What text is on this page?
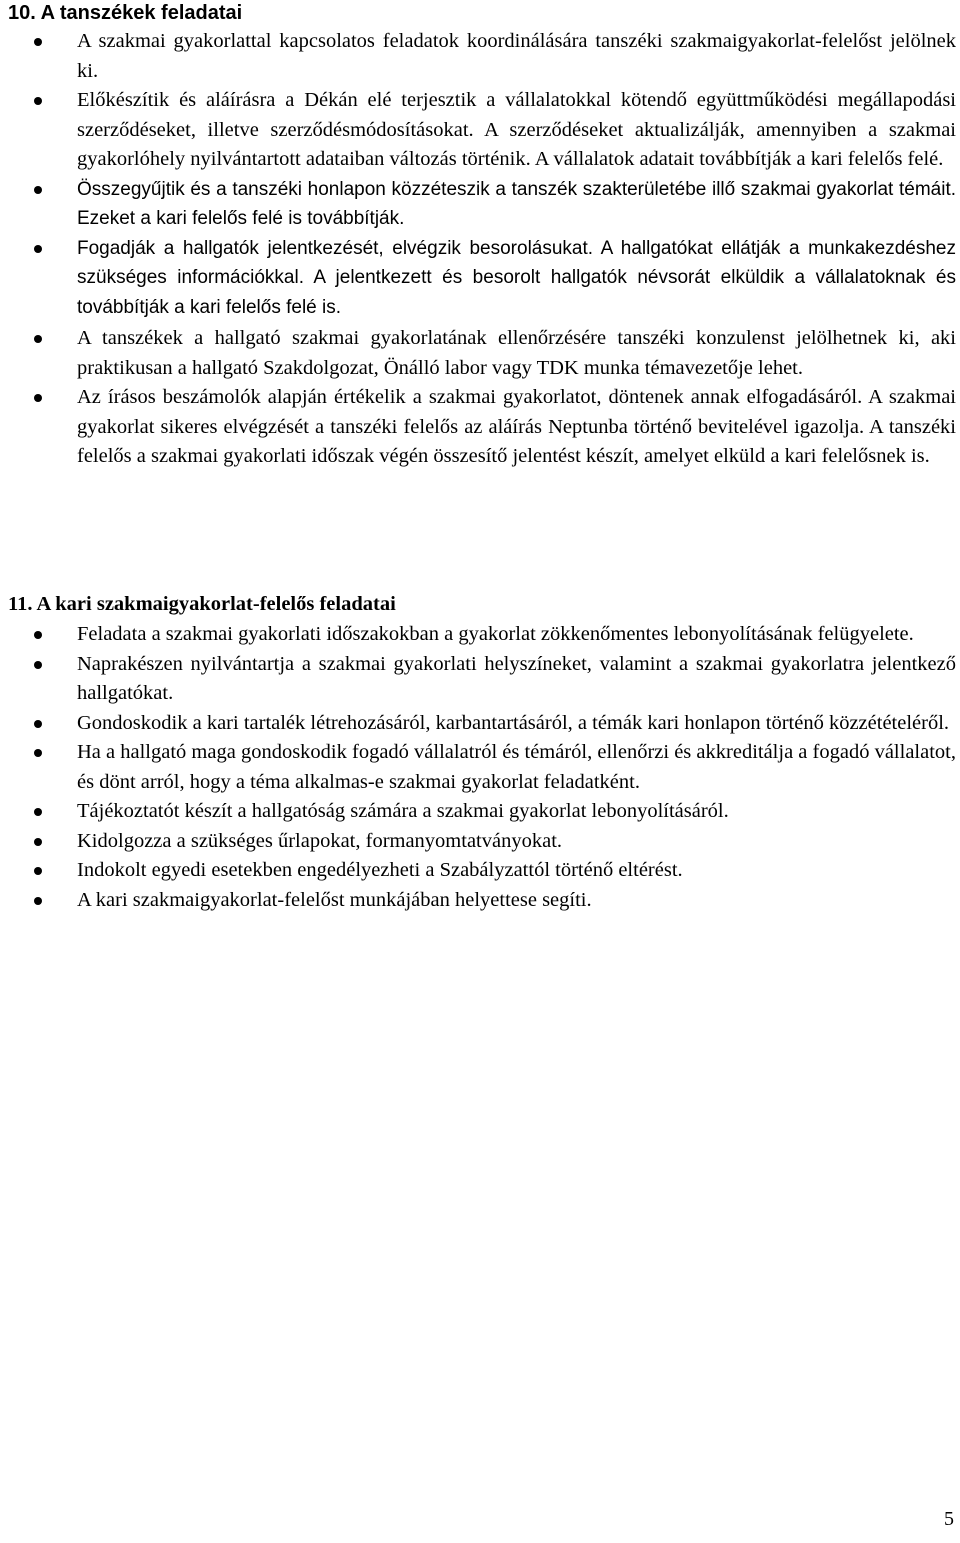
10. A tanszékek feladatai
A szakmai gyakorlattal kapcsolatos feladatok koordinálására tanszéki szakmaigyakorlat-felelőst jelölnek ki.
Előkészítik és aláírásra a Dékán elé terjesztik a vállalatokkal kötendő együttműködési megállapodási szerződéseket, illetve szerződésmódosításokat. A szerződéseket aktualizálják, amennyiben a szakmai gyakorlóhely nyilvántartott adataiban változás történik. A vállalatok adatait továbbítják a kari felelős felé.
Összegyűjtik és a tanszéki honlapon közzéteszik a tanszék szakterületébe illő szakmai gyakorlat témáit. Ezeket a kari felelős felé is továbbítják.
Fogadják a hallgatók jelentkezését, elvégzik besorolásukat. A hallgatókat ellátják a munkakezdéshez szükséges információkkal. A jelentkezett és besorolt hallgatók névsorát elküldik a vállalatoknak és továbbítják a kari felelős felé is.
A tanszékek a hallgató szakmai gyakorlatának ellenőrzésére tanszéki konzulenst jelölhetnek ki, aki praktikusan a hallgató Szakdolgozat, Önálló labor vagy TDK munka témavezetője lehet.
Az írásos beszámolók alapján értékelik a szakmai gyakorlatot, döntenek annak elfogadásáról. A szakmai gyakorlat sikeres elvégzését a tanszéki felelős az aláírás Neptunba történő bevitelével igazolja. A tanszéki felelős a szakmai gyakorlati időszak végén összesítő jelentést készít, amelyet elküld a kari felelősnek is.
11. A kari szakmaigyakorlat-felelős feladatai
Feladata a szakmai gyakorlati időszakokban a gyakorlat zökkenőmentes lebonyolításának felügyelete.
Naprakészen nyilvántartja a szakmai gyakorlati helyszíneket, valamint a szakmai gyakorlatra jelentkező hallgatókat.
Gondoskodik a kari tartalék létrehozásáról, karbantartásáról, a témák kari honlapon történő közzétételéről.
Ha a hallgató maga gondoskodik fogadó vállalatról és témáról, ellenőrzi és akkreditálja a fogadó vállalatot, és dönt arról, hogy a téma alkalmas-e szakmai gyakorlat feladatként.
Tájékoztatót készít a hallgatóság számára a szakmai gyakorlat lebonyolításáról.
Kidolgozza a szükséges űrlapokat, formanyomtatványokat.
Indokolt egyedi esetekben engedélyezheti a Szabályzattól történő eltérést.
A kari szakmaigyakorlat-felelőst munkájában helyettese segíti.
5
